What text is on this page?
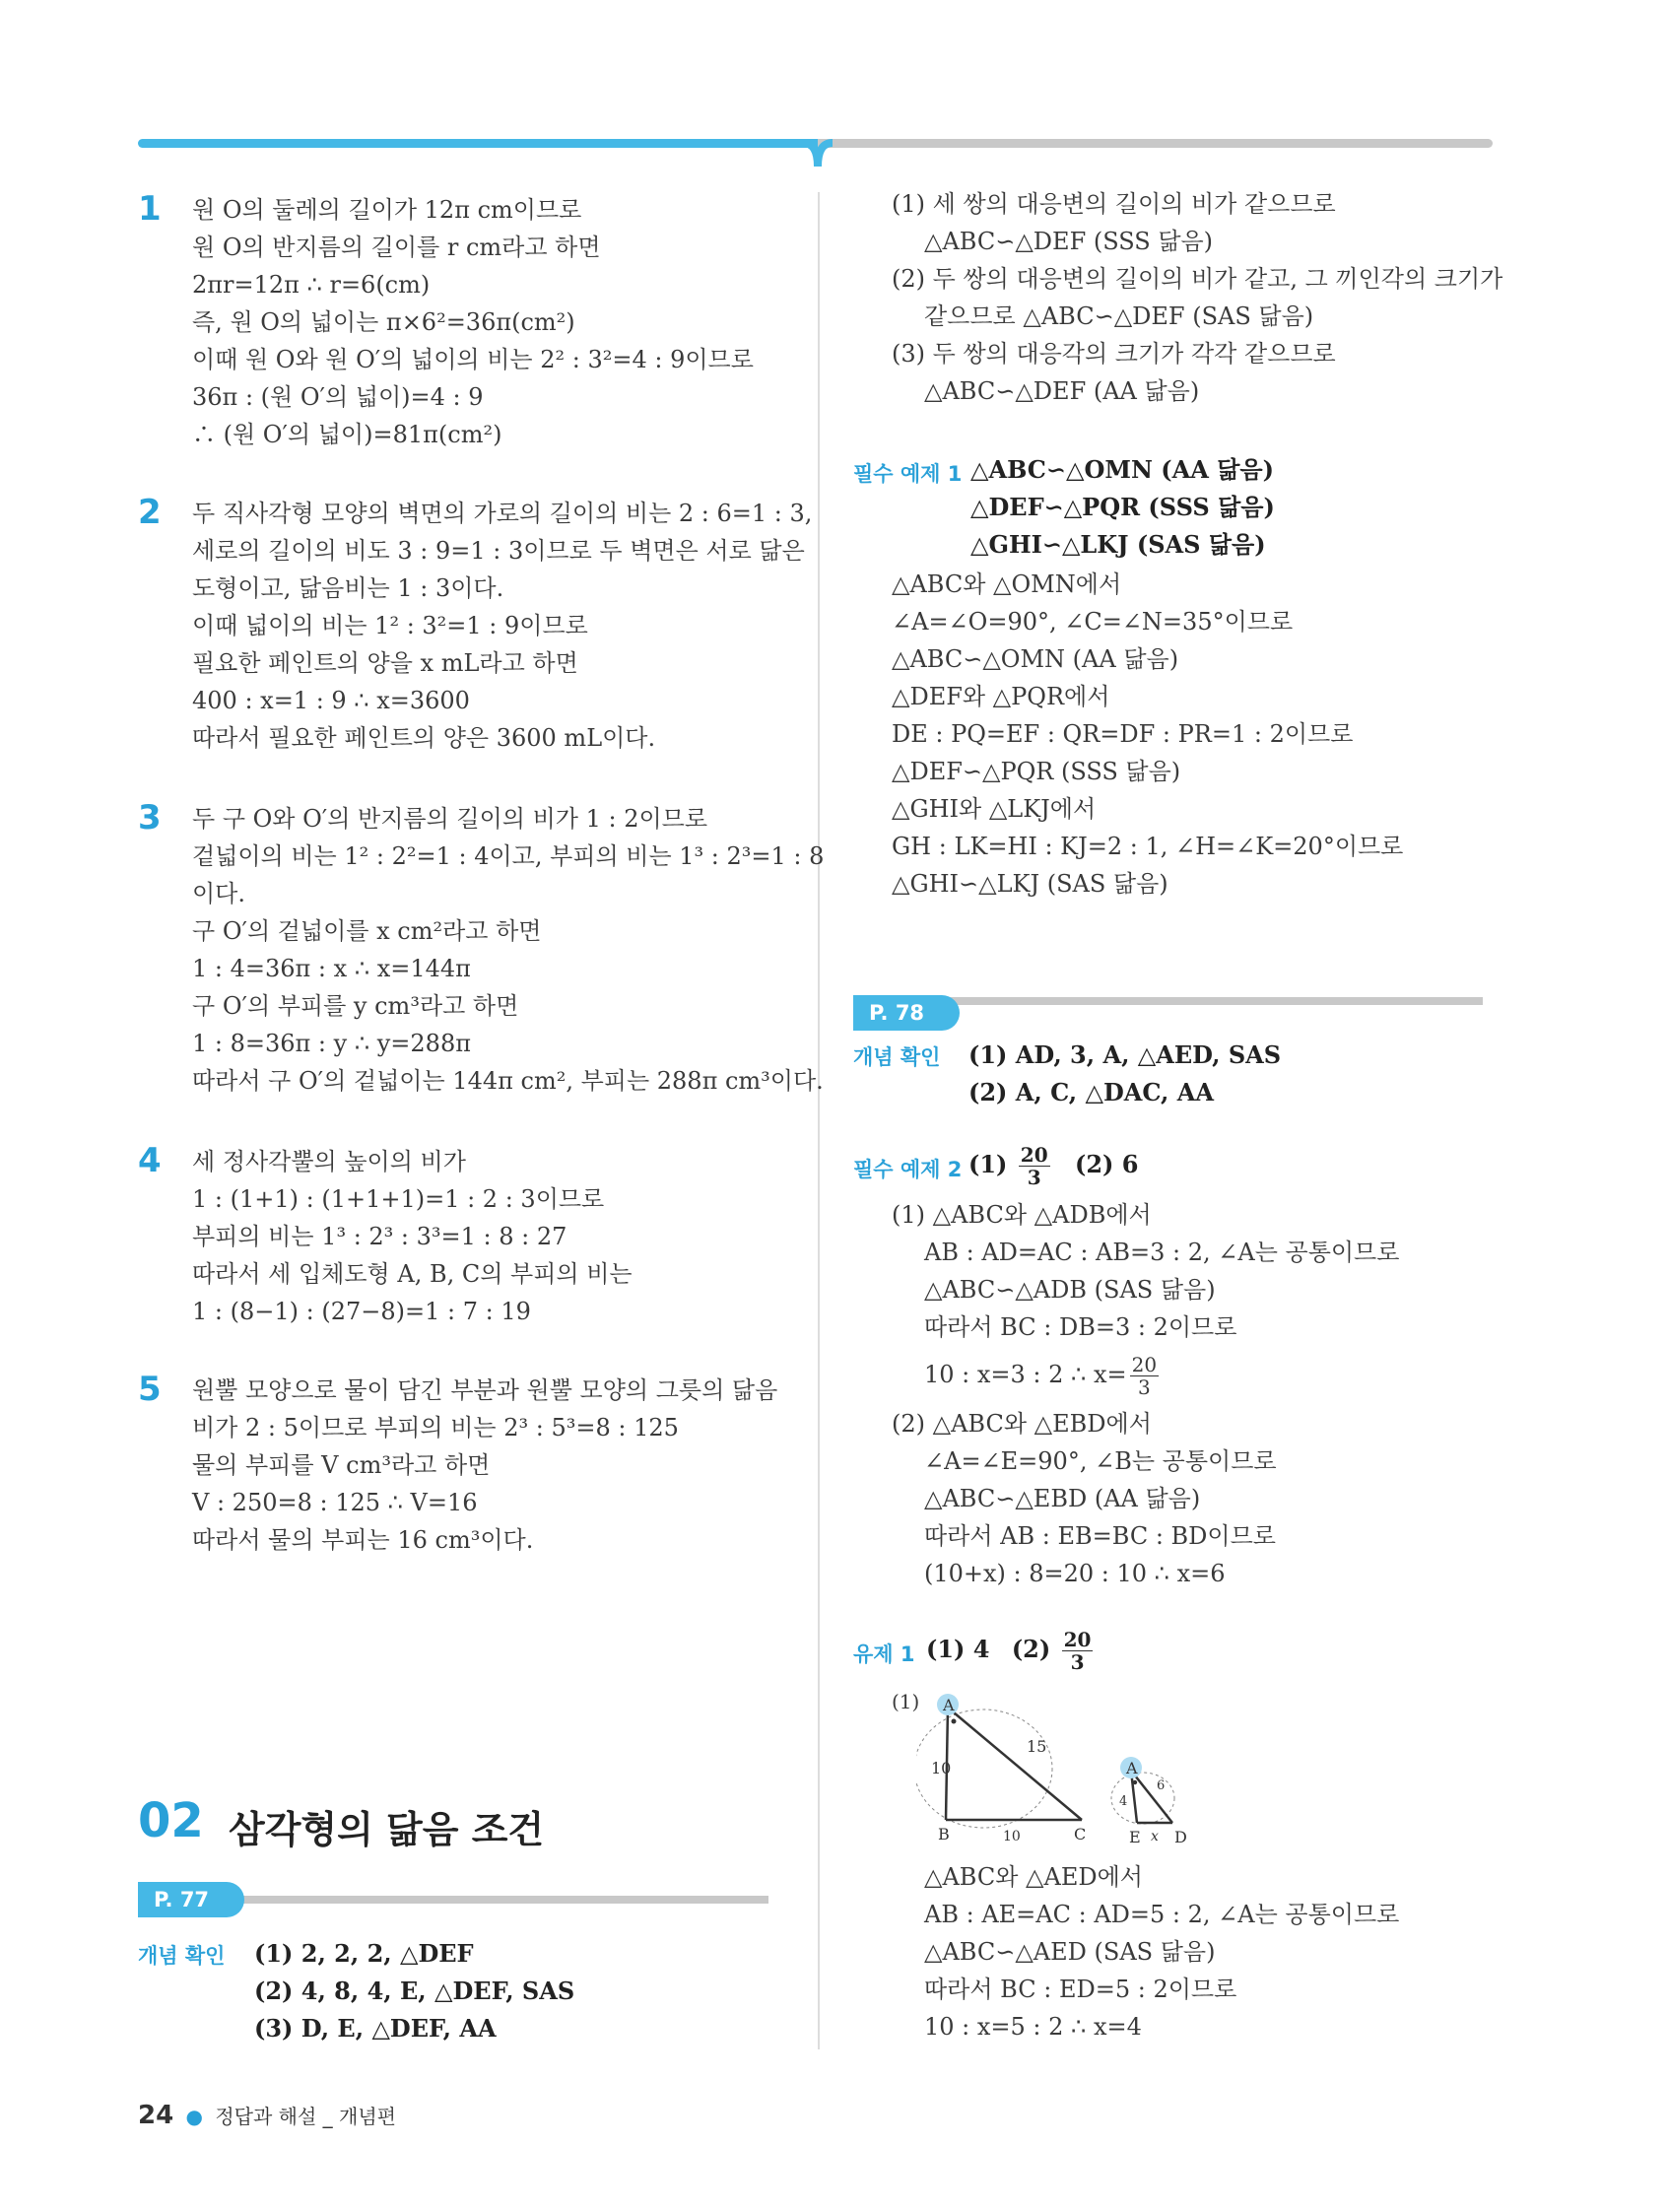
1 원 O의 둘레의 길이가 12π cm이므로
원 O의 반지름의 길이를 r cm라고 하면
2πr=12π ∴ r=6(cm)
즉, 원 O의 넓이는 π×6²=36π(cm²)
이때 원 O와 원 O′의 넓이의 비는 2² : 3²=4 : 9이므로
36π : (원 O′의 넓이)=4 : 9
∴ (원 O′의 넓이)=81π(cm²)
2 두 직사각형 모양의 벽면의 가로의 길이의 비는 2 : 6=1 : 3,
세로의 길이의 비도 3 : 9=1 : 3이므로 두 벽면은 서로 닮은
도형이고, 닮음비는 1 : 3이다.
이때 넓이의 비는 1² : 3²=1 : 9이므로
필요한 페인트의 양을 x mL라고 하면
400 : x=1 : 9 ∴ x=3600
따라서 필요한 페인트의 양은 3600 mL이다.
3 두 구 O와 O′의 반지름의 길이의 비가 1 : 2이므로
겉넓이의 비는 1² : 2²=1 : 4이고, 부피의 비는 1³ : 2³=1 : 8
이다.
구 O′의 겉넓이를 x cm²라고 하면
1 : 4=36π : x ∴ x=144π
구 O′의 부피를 y cm³라고 하면
1 : 8=36π : y ∴ y=288π
따라서 구 O′의 겉넓이는 144π cm², 부피는 288π cm³이다.
4 세 정사각뿔의 높이의 비가
1 : (1+1) : (1+1+1)=1 : 2 : 3이므로
부피의 비는 1³ : 2³ : 3³=1 : 8 : 27
따라서 세 입체도형 A, B, C의 부피의 비는
1 : (8−1) : (27−8)=1 : 7 : 19
5 원뿔 모양으로 물이 담긴 부분과 원뿔 모양의 그릇의 닮음
비가 2 : 5이므로 부피의 비는 2³ : 5³=8 : 125
물의 부피를 V cm³라고 하면
V : 250=8 : 125 ∴ V=16
따라서 물의 부피는 16 cm³이다.
02 삼각형의 닮음 조건
P. 77
개념 확인 (1) 2, 2, 2, △DEF
(2) 4, 8, 4, E, △DEF, SAS
(3) D, E, △DEF, AA
(1) 세 쌍의 대응변의 길이의 비가 같으므로
△ABC∽△DEF (SSS 닮음)
(2) 두 쌍의 대응변의 길이의 비가 같고, 그 끼인각의 크기가
같으므로 △ABC∽△DEF (SAS 닮음)
(3) 두 쌍의 대응각의 크기가 각각 같으므로
△ABC∽△DEF (AA 닮음)
필수 예제 1 △ABC∽△OMN (AA 닮음)
△DEF∽△PQR (SSS 닮음)
△GHI∽△LKJ (SAS 닮음)
△ABC와 △OMN에서
∠A=∠O=90°, ∠C=∠N=35°이므로
△ABC∽△OMN (AA 닮음)
△DEF와 △PQR에서
DE : PQ=EF : QR=DF : PR=1 : 2이므로
△DEF∽△PQR (SSS 닮음)
△GHI와 △LKJ에서
GH : LK=HI : KJ=2 : 1, ∠H=∠K=20°이므로
△GHI∽△LKJ (SAS 닮음)
P. 78
개념 확인 (1) AD, 3, A, △AED, SAS
(2) A, C, △DAC, AA
필수 예제 2 $(1) \frac{20}{3} (2)$ 6
(1) △ABC와 △ADB에서
AB : AD=AC : AB=3 : 2, ∠A는 공통이므로
△ABC∽△ADB (SAS 닮음)
따라서 BC : DB=3 : 2이므로
10 : x=3 : 2 ∴ $x= \frac{20}{3}$
(2) △ABC와 △EBD에서
∠A=∠E=90°, ∠B는 공통이므로
△ABC∽△EBD (AA 닮음)
따라서 AB : EB=BC : BD이므로
(10+x) : 8=20 : 10 ∴ x=6
유제 1 (1) 4 $(2) \frac{20}{3}$
(1) A
10
15
B	C
10
A
4
6
E D
x
△ABC와 △AED에서
AB : AE=AC : AD=5 : 2, ∠A는 공통이므로
△ABC∽△AED (SAS 닮음)
따라서 BC : ED=5 : 2이므로
10 : x=5 : 2 ∴ x=4
24 ● 정답과 해설 _ 개념편
